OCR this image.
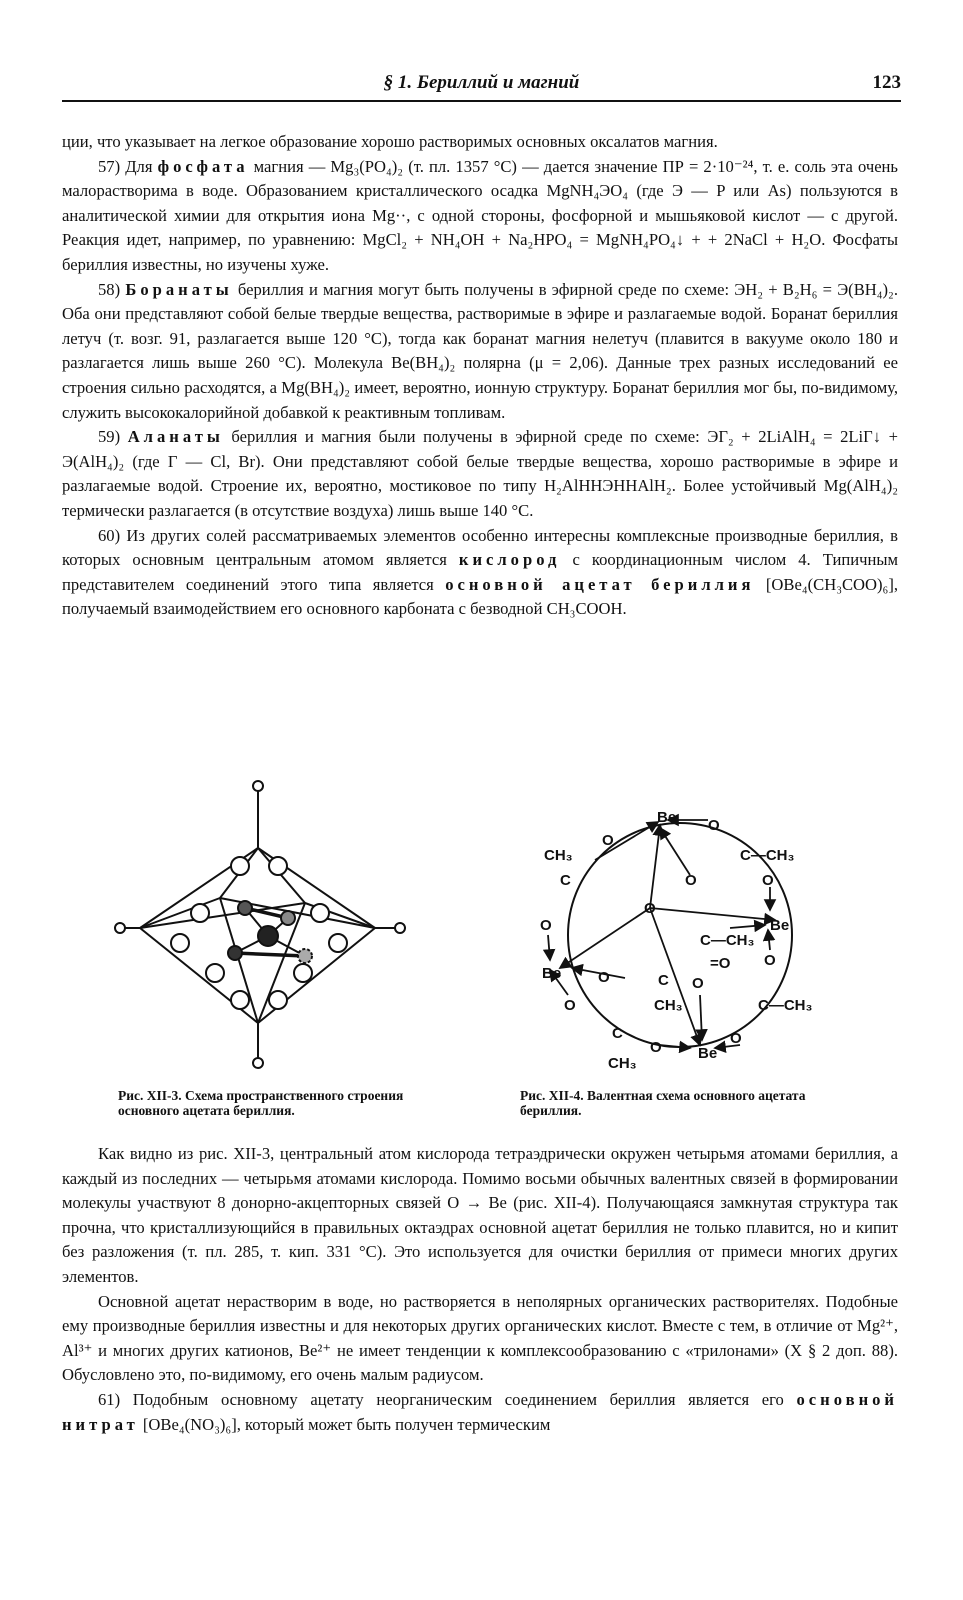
§ 1. Бериллий и магний	123

ции, что указывает на легкое образование хорошо растворимых основных оксалатов магния.

57) Для фосфата магния — Mg₃(PO₄)₂ (т. пл. 1357 °С) — дается значение ПР = 2·10⁻²⁴, т. е. соль эта очень малорастворима в воде. Образованием кристаллического осадка MgNH₄ЭO₄ (где Э — P или As) пользуются в аналитической химии для открытия иона Mg··, с одной стороны, фосфорной и мышьяковой кислот — с другой. Реакция идет, например, по уравнению: MgCl₂ + NH₄OH + Na₂HPO₄ = MgNH₄PO₄↓ + + 2NaCl + H₂O. Фосфаты бериллия известны, но изучены хуже.

58) Боранаты бериллия и магния могут быть получены в эфирной среде по схеме: ЭH₂ + B₂H₆ = Э(BH₄)₂. Оба они представляют собой белые твердые вещества, растворимые в эфире и разлагаемые водой. Боранат бериллия летуч (т. возг. 91, разлагается выше 120 °С), тогда как боранат магния нелетуч (плавится в вакууме около 180 и разлагается лишь выше 260 °С). Молекула Be(BH₄)₂ полярна (μ = 2,06). Данные трех разных исследований ее строения сильно расходятся, а Mg(BH₄)₂ имеет, вероятно, ионную структуру. Боранат бериллия мог бы, по-видимому, служить высококалорийной добавкой к реактивным топливам.

59) Аланаты бериллия и магния были получены в эфирной среде по схеме: ЭГ₂ + 2LiAlH₄ = 2LiГ↓ + Э(AlH₄)₂ (где Г — Cl, Br). Они представляют собой белые твердые вещества, хорошо растворимые в эфире и разлагаемые водой. Строение их, вероятно, мостиковое по типу H₂AlHHЭHHAlH₂. Более устойчивый Mg(AlH₄)₂ термически разлагается (в отсутствие воздуха) лишь выше 140 °С.

60) Из других солей рассматриваемых элементов особенно интересны комплексные производные бериллия, в которых основным центральным атомом является кислород с координационным числом 4. Типичным представителем соединений этого типа является основной ацетат бериллия [OBe₄(CH₃COO)₆], получаемый взаимодействием его основного карбоната с безводной CH₃COOH.

Рис. XII-3. Схема пространственного строения основного ацетата бериллия.
Be
Be
Be
Be
O
O
O
O
O	O
O
O
O
O
O
O
C
CH₃	C—CH₃
C—CH₃
=O
C
CH₃	C—CH₃
C
CH₃
Рис. XII-4. Валентная схема основного ацетата бериллия.

Как видно из рис. XII-3, центральный атом кислорода тетраэдрически окружен четырьмя атомами бериллия, а каждый из последних — четырьмя атомами кислорода. Помимо восьми обычных валентных связей в формировании молекулы участвуют 8 донорно-акцепторных связей O → Be (рис. XII-4). Получающаяся замкнутая структура так прочна, что кристаллизующийся в правильных октаэдрах основной ацетат бериллия не только плавится, но и кипит без разложения (т. пл. 285, т. кип. 331 °С). Это используется для очистки бериллия от примеси многих других элементов.

Основной ацетат нерастворим в воде, но растворяется в неполярных органических растворителях. Подобные ему производные бериллия известны и для некоторых других органических кислот. Вместе с тем, в отличие от Mg²⁺, Al³⁺ и многих других катионов, Be²⁺ не имеет тенденции к комплексообразованию с «трилонами» (X § 2 доп. 88). Обусловлено это, по-видимому, его очень малым радиусом.

61) Подобным основному ацетату неорганическим соединением бериллия является его основной нитрат [OBe₄(NO₃)₆], который может быть получен термическим
